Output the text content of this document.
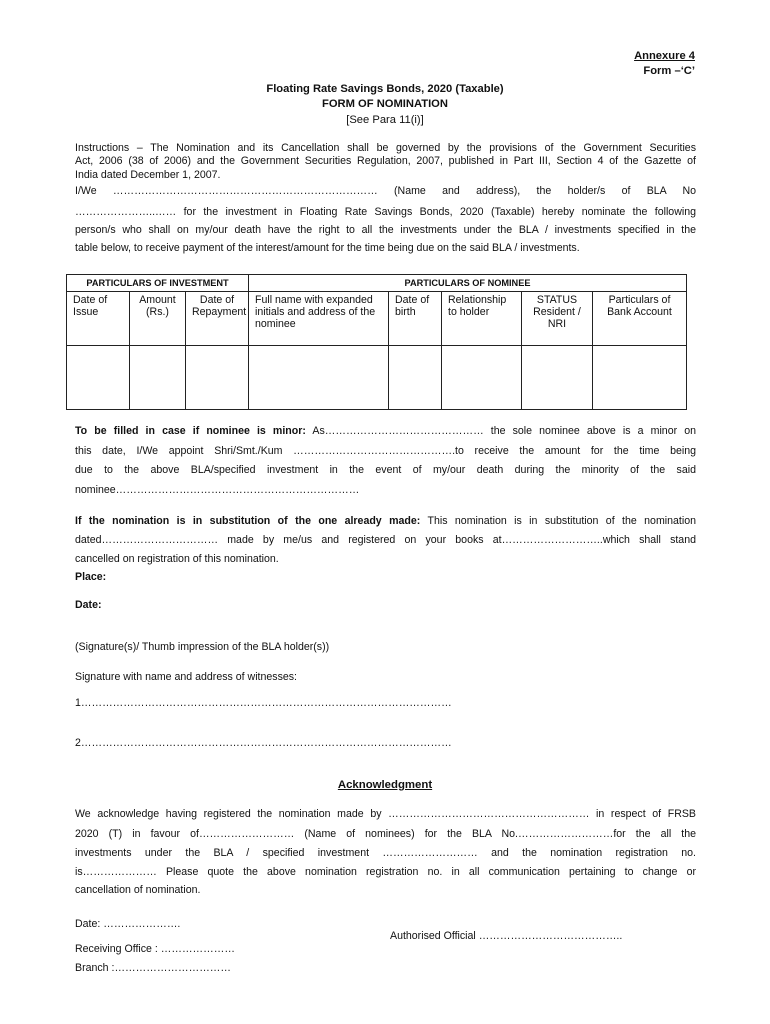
Annexure 4
Form –‘C’
Floating Rate Savings Bonds, 2020 (Taxable)
FORM OF NOMINATION
[See Para 11(i)]
Instructions – The Nomination and its Cancellation shall be governed by the provisions of the Government Securities
Act, 2006 (38 of 2006) and the Government Securities Regulation, 2007, published in Part III, Section 4 of the Gazette of
India dated December 1, 2007.
I/We ………………………………………………………………… (Name and address), the holder/s of BLA No
…………………..…… for the investment in Floating Rate Savings Bonds, 2020 (Taxable) hereby nominate the following
person/s who shall on my/our death have the right to all the investments under the BLA / investments specified in the
table below, to receive payment of the interest/amount for the time being due on the said BLA / investments.
PARTICULARS OF INVESTMENT			PARTICULARS OF NOMINEE				
Date of Issue	Amount (Rs.)	Date of Repayment	Full name with expanded initials and address of the nominee	Date of birth	Relationship to holder	STATUS Resident / NRI	Particulars of Bank Account

To be filled in case if nominee is minor: As……………………………………… the sole nominee above is a minor on
this date, I/We appoint Shri/Smt./Kum ……………………………………….to receive the amount for the time being
due to the above BLA/specified investment in the event of my/our death during the minority of the said
nominee……………………………………………………………
If the nomination is in substitution of the one already made: This nomination is in substitution of the nomination
dated…………………………… made by me/us and registered on your books at………………………..which shall stand
cancelled on registration of this nomination.
Place:
Date:
(Signature(s)/ Thumb impression of the BLA holder(s))
Signature with name and address of witnesses:
1……………………………………………………………………………………………
2……………………………………………………………………………………………
Acknowledgment
We acknowledge having registered the nomination made by ………………………………………………… in respect of FRSB
2020 (T) in favour of……………………… (Name of nominees) for the BLA No.………………………for the all the
investments under the BLA / specified investment ……………………… and the nomination registration no.
is………………… Please quote the above nomination registration no. in all communication pertaining to change or
cancellation of nomination.
Date: ………………….
Authorised Official …………………………………..
Receiving Office : …………………
Branch :……………………………
